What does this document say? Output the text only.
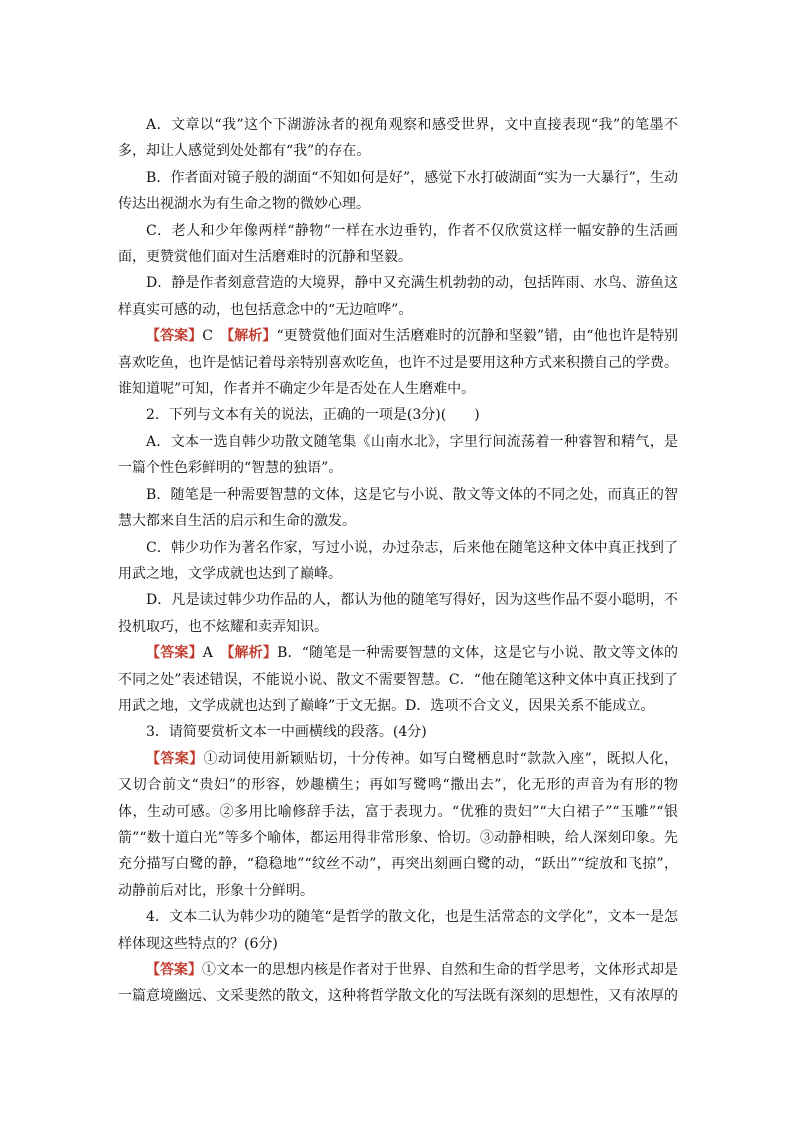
A．文章以“我”这个下湖游泳者的视角观察和感受世界，文中直接表现“我”的笔墨不多，却让人感觉到处处都有“我”的存在。

B．作者面对镜子般的湖面“不知如何是好”，感觉下水打破湖面“实为一大暴行”，生动传达出视湖水为有生命之物的微妙心理。

C．老人和少年像两样“静物”一样在水边垂钓，作者不仅欣赏这样一幅安静的生活画面，更赞赏他们面对生活磨难时的沉静和坚毅。

D．静是作者刻意营造的大境界，静中又充满生机勃勃的动，包括阵雨、水鸟、游鱼这样真实可感的动，也包括意念中的“无边喧哗”。

【答案】C　【解析】“更赞赏他们面对生活磨难时的沉静和坚毅”错，由“他也许是特别喜欢吃鱼，也许是惦记着母亲特别喜欢吃鱼，也许不过是要用这种方式来积攒自己的学费。谁知道呢”可知，作者并不确定少年是否处在人生磨难中。

2．下列与文本有关的说法，正确的一项是(3分)(　　)

A．文本一选自韩少功散文随笔集《山南水北》，字里行间流荡着一种睿智和精气，是一篇个性色彩鲜明的“智慧的独语”。

B．随笔是一种需要智慧的文体，这是它与小说、散文等文体的不同之处，而真正的智慧大都来自生活的启示和生命的激发。

C．韩少功作为著名作家，写过小说，办过杂志，后来他在随笔这种文体中真正找到了用武之地，文学成就也达到了巅峰。

D．凡是读过韩少功作品的人，都认为他的随笔写得好，因为这些作品不耍小聪明，不投机取巧，也不炫耀和卖弄知识。

【答案】A　【解析】B．“随笔是一种需要智慧的文体，这是它与小说、散文等文体的不同之处”表述错误，不能说小说、散文不需要智慧。C．“他在随笔这种文体中真正找到了用武之地，文学成就也达到了巅峰”于文无据。D．选项不合文义，因果关系不能成立。

3．请简要赏析文本一中画横线的段落。(4分)

【答案】①动词使用新颖贴切，十分传神。如写白鹭栖息时“款款入座”，既拟人化，又切合前文“贵妇”的形容，妙趣横生；再如写鹭鸣“撒出去”，化无形的声音为有形的物体，生动可感。②多用比喻修辞手法，富于表现力。“优雅的贵妇”“大白裙子”“玉雕”“银箭”“数十道白光”等多个喻体，都运用得非常形象、恰切。③动静相映，给人深刻印象。先充分描写白鹭的静，“稳稳地”“纹丝不动”，再突出刻画白鹭的动，“跃出”“绽放和飞掠”，动静前后对比，形象十分鲜明。

4．文本二认为韩少功的随笔“是哲学的散文化，也是生活常态的文学化”，文本一是怎样体现这些特点的？(6分)

【答案】①文本一的思想内核是作者对于世界、自然和生命的哲学思考，文体形式却是一篇意境幽远、文采斐然的散文，这种将哲学散文化的写法既有深刻的思想性，又有浓厚的
